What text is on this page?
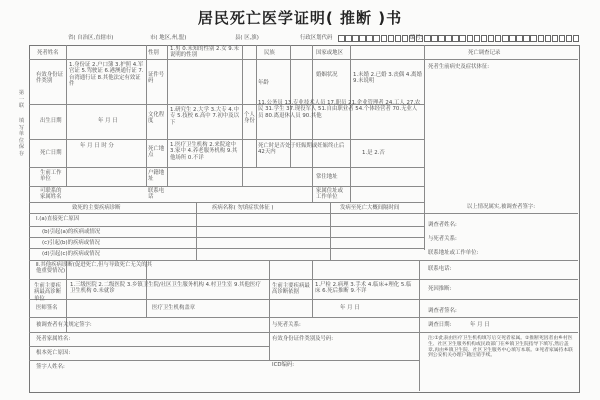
居民死亡医学证明( 推断 )书
省( 自治区,直辖市)	市( 地区,州,盟)	县( 区,旗)	行政区划代码	编号:
第一联
填写单位保存
死者姓名	性别
1.男 0.未知的性别 2.女 9.未说明的性别	民族	国家或地区	死亡调查记录
有效身份证件类别
1.身份证 2.户口簿 3.护照 4.军官证 5.驾驶证 6.港澳通行证 7.台湾通行证 8.其他法定有效证件
证件号码	年龄
婚姻状况	1.未婚 2.已婚 3.丧偶 4.离婚 9.未说明
出生日期	年 月 日
文化程度
1.研究生 2.大学 3.大专 4.中专 5.技校 6.高中 7.初中及以下
个人身份
11.公务员 13.专业技术人员 17.职员 21.企业管理者 24.工人 27.农民 31.学生 37.现役军人 51.自由职业者 54.个体经营者 70.无业人员 80.离退休人员 90.其他
死亡日期
年 月 日 时 分	死亡地点
1.医疗卫生机构 2.来院途中 3.家中 4.养老服务机构 9.其他场所 0.不详
死亡时是否处于妊娠期或妊娠终止后42天内	1.是 2.否
生前工作单位
户籍地址	常住地址
可联系的家属姓名
联系电话
家属住址或工作单位
致死的主要疾病诊断	疾病名称( 勿填症状体征 )	发病至死亡大概间隔时间
Ⅰ.(a)直接死亡原因
(b)引起(a)的疾病或情况
(c)引起(b)的疾病或情况
(d)引起(c)的疾病或情况
Ⅱ.其他疾病诊断(促进死亡,但与导致死亡无关的其他重要情况)
生前主要疾病最高诊断单位
1.三级医院 2.二级医院 3.乡镇卫生院/社区卫生服务机构 4.村卫生室 9.其他医疗卫生机构 0.未就诊
生前主要疾病最高诊断依据
1.尸检 2.病理 3.手术 4.临床+理化 5.临床 6.死后推断 9.不详
医师签名	医疗卫生机构盖章	年 月 日
被调查者有关规定签字:	与死者关系:
死者家属姓名:	有效身份证件类别及号码:
根本死亡原因:
ICD编码:
签字人姓名:
死者生前病史及症状体征:
以上情况属实,被调查者签字:
调查者姓名:
与死者关系:
联系地址或工作单位:
联系电话:
死因推断:
调查者签名:
调查日期:	年 月 日
注:①此表由医疗卫生机构填写后交死者家属。②推断死因者由乡村医生、社区卫生服务机构或民政部门在乡镇卫生院指导下填写,然后盖章,再由乡镇卫生院、社区卫生服务中心填写本联。③死者家属持本联到公安机关办理户籍注销手续。
